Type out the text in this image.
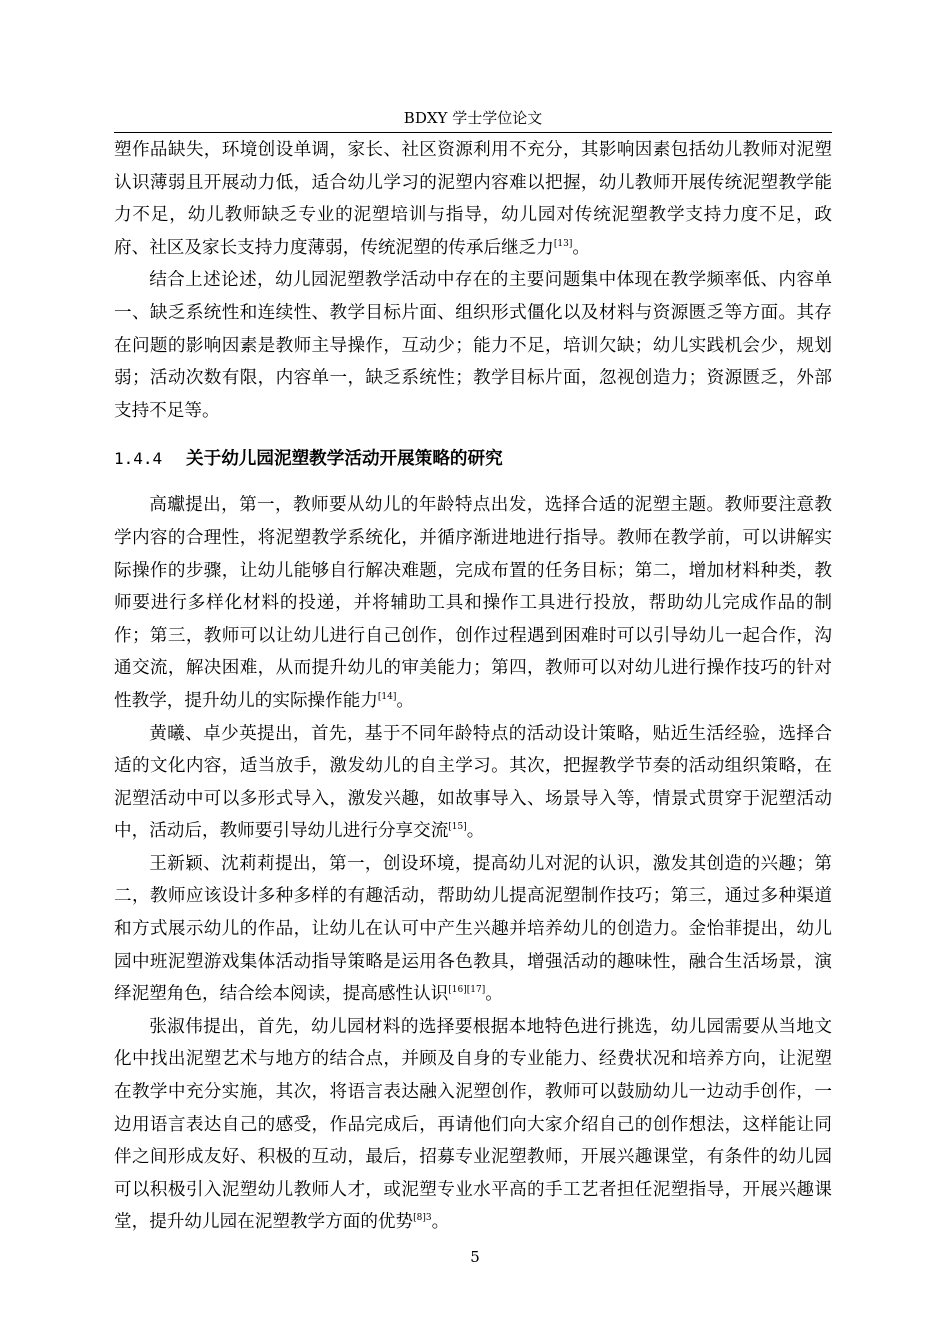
BDXY 学士学位论文

塑作品缺失，环境创设单调，家长、社区资源利用不充分，其影响因素包括幼儿教师对泥塑认识薄弱且开展动力低，适合幼儿学习的泥塑内容难以把握，幼儿教师开展传统泥塑教学能力不足，幼儿教师缺乏专业的泥塑培训与指导，幼儿园对传统泥塑教学支持力度不足，政府、社区及家长支持力度薄弱，传统泥塑的传承后继乏力[13]。

结合上述论述，幼儿园泥塑教学活动中存在的主要问题集中体现在教学频率低、内容单一、缺乏系统性和连续性、教学目标片面、组织形式僵化以及材料与资源匮乏等方面。其存在问题的影响因素是教师主导操作，互动少；能力不足，培训欠缺；幼儿实践机会少，规划弱；活动次数有限，内容单一，缺乏系统性；教学目标片面，忽视创造力；资源匮乏，外部支持不足等。

1.4.4 关于幼儿园泥塑教学活动开展策略的研究

高瓛提出，第一，教师要从幼儿的年龄特点出发，选择合适的泥塑主题。教师要注意教学内容的合理性，将泥塑教学系统化，并循序渐进地进行指导。教师在教学前，可以讲解实际操作的步骤，让幼儿能够自行解决难题，完成布置的任务目标；第二，增加材料种类，教师要进行多样化材料的投递，并将辅助工具和操作工具进行投放，帮助幼儿完成作品的制作；第三，教师可以让幼儿进行自己创作，创作过程遇到困难时可以引导幼儿一起合作，沟通交流，解决困难，从而提升幼儿的审美能力；第四，教师可以对幼儿进行操作技巧的针对性教学，提升幼儿的实际操作能力[14]。

黄曦、卓少英提出，首先，基于不同年龄特点的活动设计策略，贴近生活经验，选择合适的文化内容，适当放手，激发幼儿的自主学习。其次，把握教学节奏的活动组织策略，在泥塑活动中可以多形式导入，激发兴趣，如故事导入、场景导入等，情景式贯穿于泥塑活动中，活动后，教师要引导幼儿进行分享交流[15]。

王新颖、沈莉莉提出，第一，创设环境，提高幼儿对泥的认识，激发其创造的兴趣；第二，教师应该设计多种多样的有趣活动，帮助幼儿提高泥塑制作技巧；第三，通过多种渠道和方式展示幼儿的作品，让幼儿在认可中产生兴趣并培养幼儿的创造力。金怡菲提出，幼儿园中班泥塑游戏集体活动指导策略是运用各色教具，增强活动的趣味性，融合生活场景，演绎泥塑角色，结合绘本阅读，提高感性认识[16][17]。

张淑伟提出，首先，幼儿园材料的选择要根据本地特色进行挑选，幼儿园需要从当地文化中找出泥塑艺术与地方的结合点，并顾及自身的专业能力、经费状况和培养方向，让泥塑在教学中充分实施，其次，将语言表达融入泥塑创作，教师可以鼓励幼儿一边动手创作，一边用语言表达自己的感受，作品完成后，再请他们向大家介绍自己的创作想法，这样能让同伴之间形成友好、积极的互动，最后，招募专业泥塑教师，开展兴趣课堂，有条件的幼儿园可以积极引入泥塑幼儿教师人才，或泥塑专业水平高的手工艺者担任泥塑指导，开展兴趣课堂，提升幼儿园在泥塑教学方面的优势$^{[8]3}$。

5
